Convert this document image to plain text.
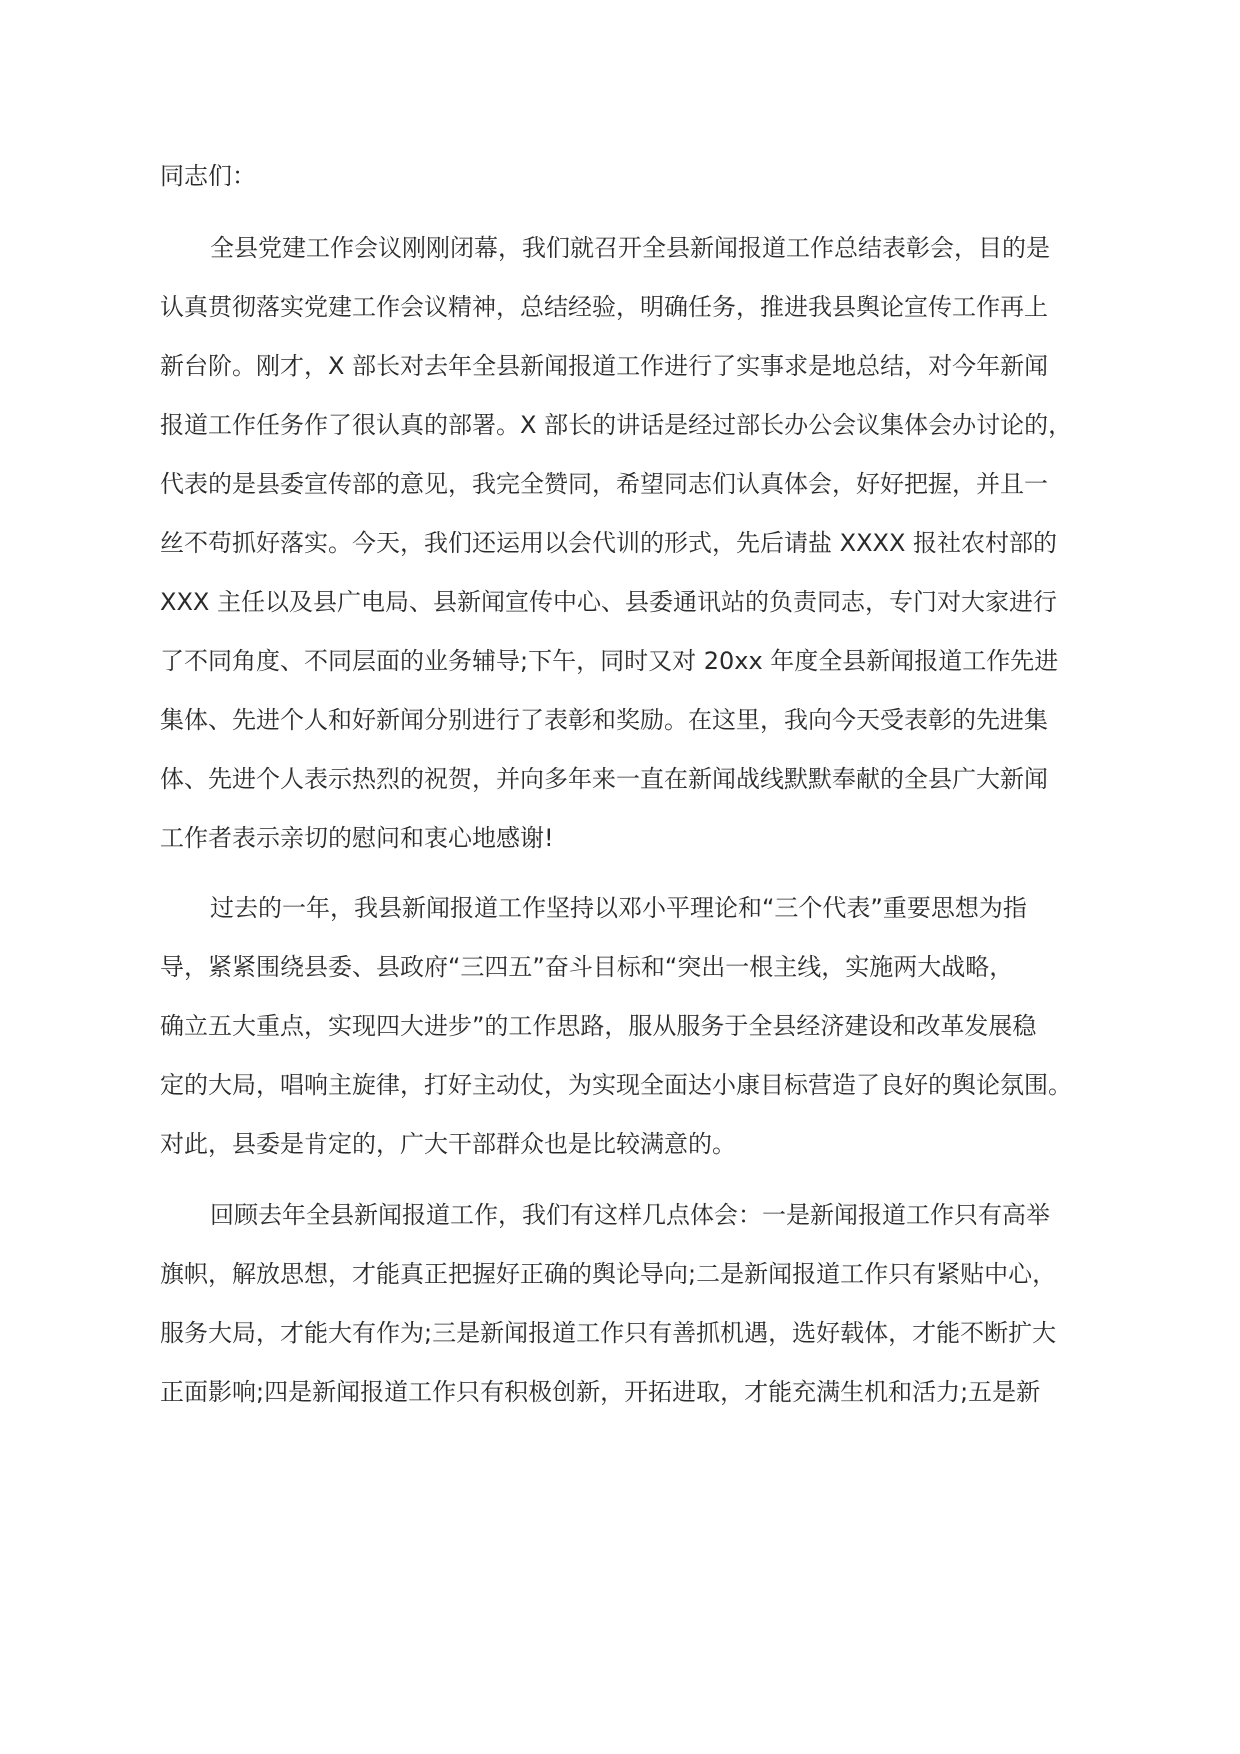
同志们：
全县党建工作会议刚刚闭幕，我们就召开全县新闻报道工作总结表彰会，目的是
认真贯彻落实党建工作会议精神，总结经验，明确任务，推进我县舆论宣传工作再上
新台阶。刚才，X 部长对去年全县新闻报道工作进行了实事求是地总结，对今年新闻
报道工作任务作了很认真的部署。X 部长的讲话是经过部长办公会议集体会办讨论的，
代表的是县委宣传部的意见，我完全赞同，希望同志们认真体会，好好把握，并且一
丝不苟抓好落实。今天，我们还运用以会代训的形式，先后请盐 XXXX 报社农村部的
XXX 主任以及县广电局、县新闻宣传中心、县委通讯站的负责同志，专门对大家进行
了不同角度、不同层面的业务辅导;下午，同时又对 20xx 年度全县新闻报道工作先进
集体、先进个人和好新闻分别进行了表彰和奖励。在这里，我向今天受表彰的先进集
体、先进个人表示热烈的祝贺，并向多年来一直在新闻战线默默奉献的全县广大新闻
工作者表示亲切的慰问和衷心地感谢!
过去的一年，我县新闻报道工作坚持以邓小平理论和“三个代表”重要思想为指
导，紧紧围绕县委、县政府“三四五”奋斗目标和“突出一根主线，实施两大战略，
确立五大重点，实现四大进步”的工作思路，服从服务于全县经济建设和改革发展稳
定的大局，唱响主旋律，打好主动仗，为实现全面达小康目标营造了良好的舆论氛围。
对此，县委是肯定的，广大干部群众也是比较满意的。
回顾去年全县新闻报道工作，我们有这样几点体会：一是新闻报道工作只有高举
旗帜，解放思想，才能真正把握好正确的舆论导向;二是新闻报道工作只有紧贴中心，
服务大局，才能大有作为;三是新闻报道工作只有善抓机遇，选好载体，才能不断扩大
正面影响;四是新闻报道工作只有积极创新，开拓进取，才能充满生机和活力;五是新
